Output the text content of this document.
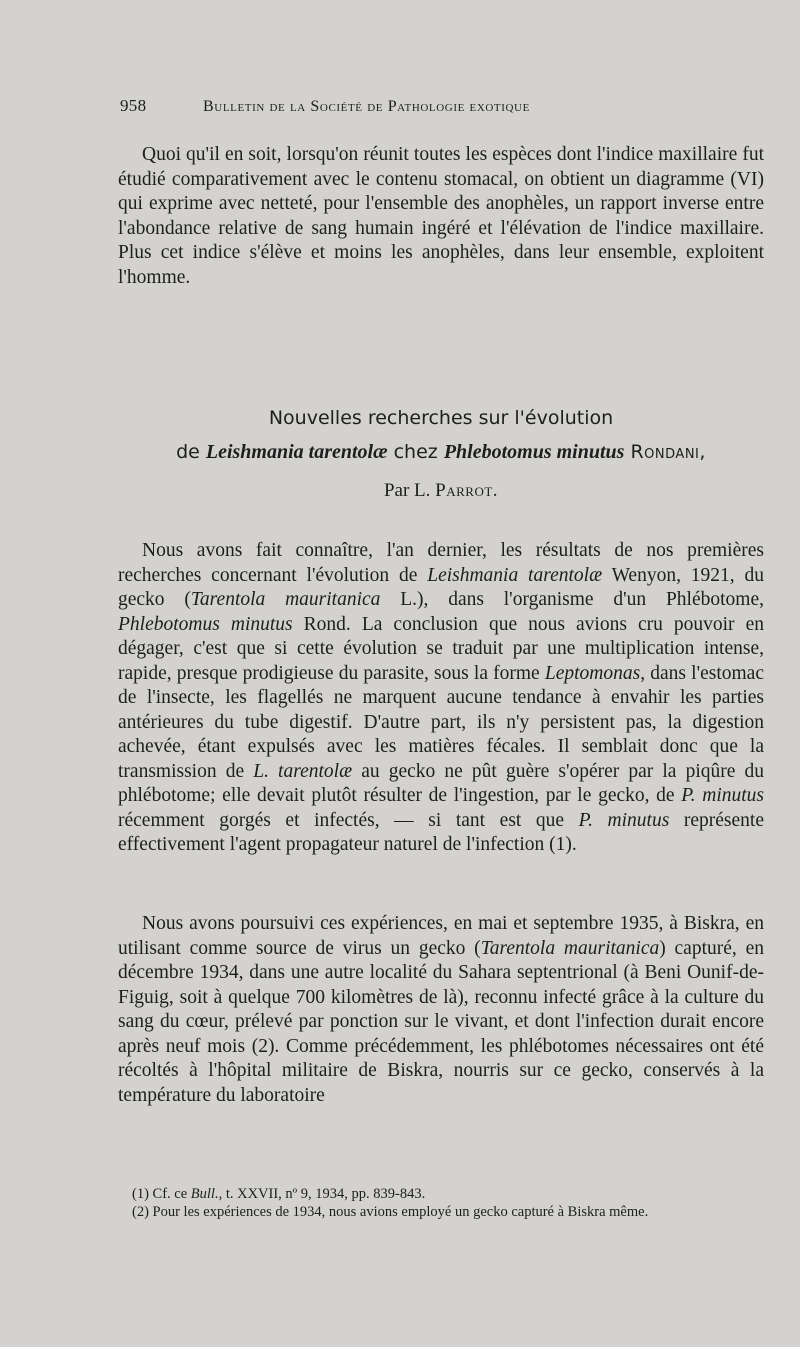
958	Bulletin de la Société de Pathologie exotique

Quoi qu'il en soit, lorsqu'on réunit toutes les espèces dont l'indice maxillaire fut étudié comparativement avec le contenu stomacal, on obtient un diagramme (VI) qui exprime avec netteté, pour l'ensemble des anophèles, un rapport inverse entre l'abondance relative de sang humain ingéré et l'élévation de l'indice maxillaire. Plus cet indice s'élève et moins les anophèles, dans leur ensemble, exploitent l'homme.

Nouvelles recherches sur l'évolution
de Leishmania tarentolæ chez Phlebotomus minutus Rondani,
Par L. Parrot.

Nous avons fait connaître, l'an dernier, les résultats de nos premières recherches concernant l'évolution de Leishmania tarentolæ Wenyon, 1921, du gecko (Tarentola mauritanica L.), dans l'organisme d'un Phlébotome, Phlebotomus minutus Rond. La conclusion que nous avions cru pouvoir en dégager, c'est que si cette évolution se traduit par une multiplication intense, rapide, presque prodigieuse du parasite, sous la forme Leptomonas, dans l'estomac de l'insecte, les flagellés ne marquent aucune tendance à envahir les parties antérieures du tube digestif. D'autre part, ils n'y persistent pas, la digestion achevée, étant expulsés avec les matières fécales. Il semblait donc que la transmission de L. tarentolæ au gecko ne pût guère s'opérer par la piqûre du phlébotome; elle devait plutôt résulter de l'ingestion, par le gecko, de P. minutus récemment gorgés et infectés, — si tant est que P. minutus représente effectivement l'agent propagateur naturel de l'infection (1).

Nous avons poursuivi ces expériences, en mai et septembre 1935, à Biskra, en utilisant comme source de virus un gecko (Tarentola mauritanica) capturé, en décembre 1934, dans une autre localité du Sahara septentrional (à Beni Ounif-de-Figuig, soit à quelque 700 kilomètres de là), reconnu infecté grâce à la culture du sang du cœur, prélevé par ponction sur le vivant, et dont l'infection durait encore après neuf mois (2). Comme précédemment, les phlébotomes nécessaires ont été récoltés à l'hôpital militaire de Biskra, nourris sur ce gecko, conservés à la température du laboratoire

(1) Cf. ce Bull., t. XXVII, nº 9, 1934, pp. 839-843.

(2) Pour les expériences de 1934, nous avions employé un gecko capturé à Biskra même.
